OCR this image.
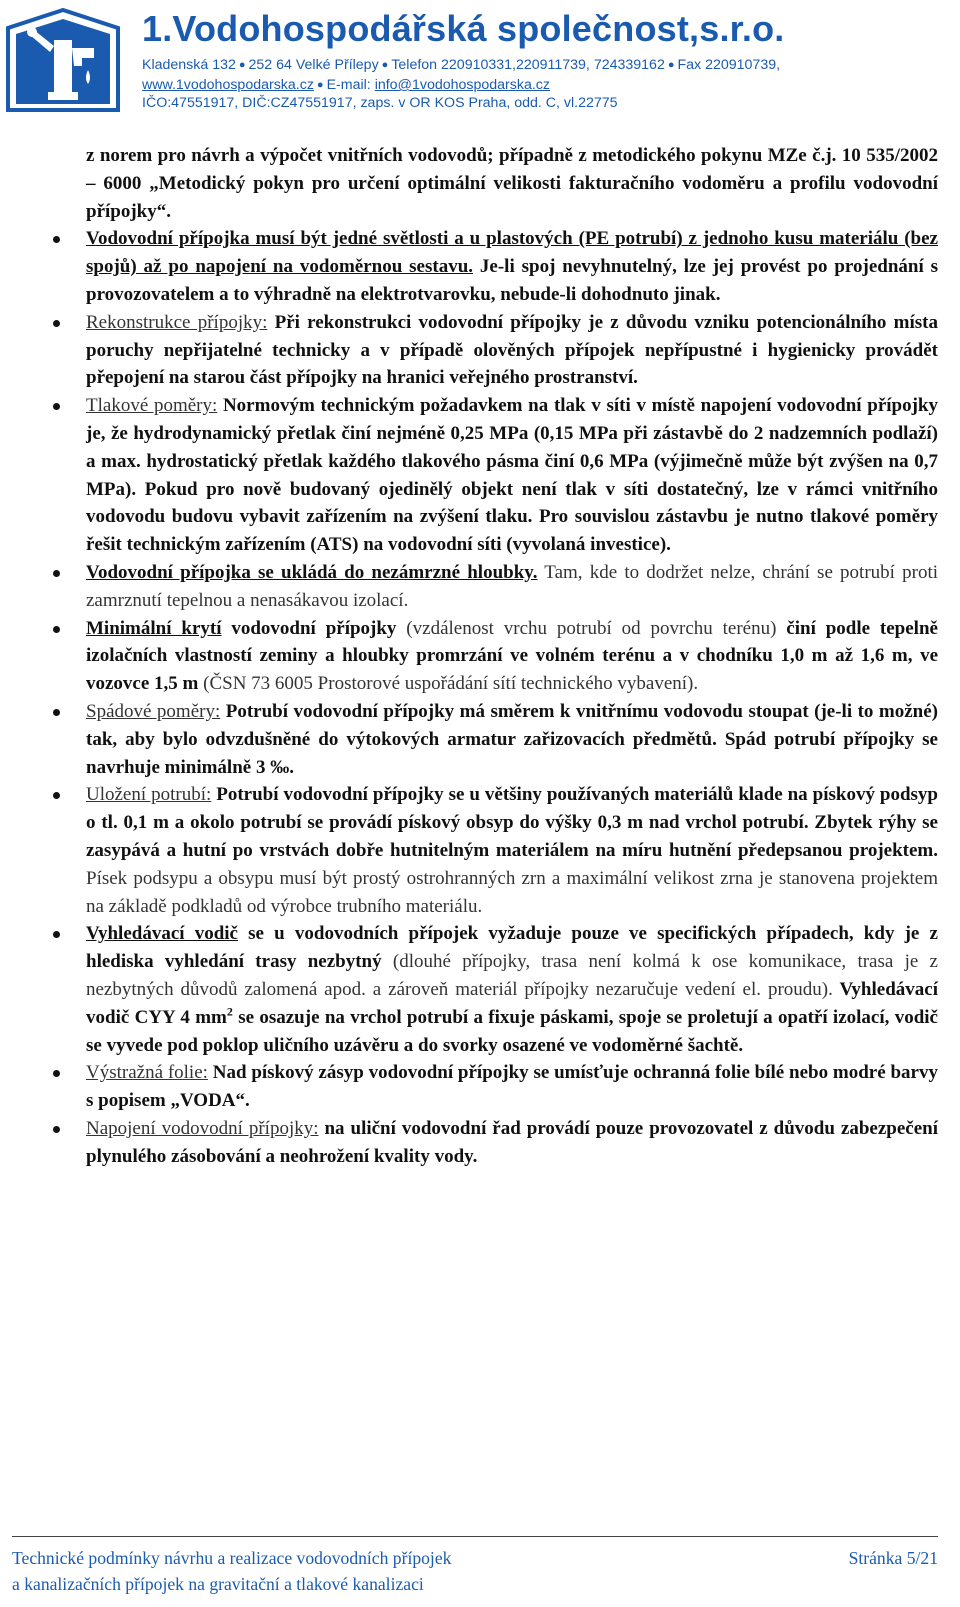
1.Vodohospodářská společnost,s.r.o.
Kladenská 132 ● 252 64 Velké Přílepy ● Telefon 220910331,220911739, 724339162 ● Fax 220910739,
www.1vodohospodarska.cz ● E-mail: info@1vodohospodarska.cz
IČO:47551917, DIČ:CZ47551917, zaps. v OR KOS Praha, odd. C, vl.22775

z norem pro návrh a výpočet vnitřních vodovodů; případně z metodického pokynu MZe č.j. 10 535/2002 – 6000 „Metodický pokyn pro určení optimální velikosti fakturačního vodoměru a profilu vodovodní přípojky“.

Vodovodní přípojka musí být jedné světlosti a u plastových (PE potrubí) z jednoho kusu materiálu (bez spojů) až po napojení na vodoměrnou sestavu. Je-li spoj nevyhnutelný, lze jej provést po projednání s provozovatelem a to výhradně na elektrotvarovku, nebude-li dohodnuto jinak.
Rekonstrukce přípojky: Při rekonstrukci vodovodní přípojky je z důvodu vzniku potencionálního místa poruchy nepřijatelné technicky a v případě olověných přípojek nepřípustné i hygienicky provádět přepojení na starou část přípojky na hranici veřejného prostranství.
Tlakové poměry: Normovým technickým požadavkem na tlak v síti v místě napojení vodovodní přípojky je, že hydrodynamický přetlak činí nejméně 0,25 MPa (0,15 MPa při zástavbě do 2 nadzemních podlaží) a max. hydrostatický přetlak každého tlakového pásma činí 0,6 MPa (výjimečně může být zvýšen na 0,7 MPa). Pokud pro nově budovaný ojedinělý objekt není tlak v síti dostatečný, lze v rámci vnitřního vodovodu budovu vybavit zařízením na zvýšení tlaku. Pro souvislou zástavbu je nutno tlakové poměry řešit technickým zařízením (ATS) na vodovodní síti (vyvolaná investice).
Vodovodní přípojka se ukládá do nezámrzné hloubky. Tam, kde to dodržet nelze, chrání se potrubí proti zamrznutí tepelnou a nenasákavou izolací.
Minimální krytí vodovodní přípojky (vzdálenost vrchu potrubí od povrchu terénu) činí podle tepelně izolačních vlastností zeminy a hloubky promrzání ve volném terénu a v chodníku 1,0 m až 1,6 m, ve vozovce 1,5 m (ČSN 73 6005 Prostorové uspořádání sítí technického vybavení).
Spádové poměry: Potrubí vodovodní přípojky má směrem k vnitřnímu vodovodu stoupat (je-li to možné) tak, aby bylo odvzdušněné do výtokových armatur zařizovacích předmětů. Spád potrubí přípojky se navrhuje minimálně 3 ‰.
Uložení potrubí: Potrubí vodovodní přípojky se u většiny používaných materiálů klade na pískový podsyp o tl. 0,1 m a okolo potrubí se provádí pískový obsyp do výšky 0,3 m nad vrchol potrubí. Zbytek rýhy se zasypává a hutní po vrstvách dobře hutnitelným materiálem na míru hutnění předepsanou projektem. Písek podsypu a obsypu musí být prostý ostrohranných zrn a maximální velikost zrna je stanovena projektem na základě podkladů od výrobce trubního materiálu.
Vyhledávací vodič se u vodovodních přípojek vyžaduje pouze ve specifických případech, kdy je z hlediska vyhledání trasy nezbytný (dlouhé přípojky, trasa není kolmá k ose komunikace, trasa je z nezbytných důvodů zalomená apod. a zároveň materiál přípojky nezaručuje vedení el. proudu). Vyhledávací vodič CYY 4 $mm^2$ se osazuje na vrchol potrubí a fixuje páskami, spoje se proletují a opatří izolací, vodič se vyvede pod poklop uličního uzávěru a do svorky osazené ve vodoměrné šachtě.
Výstražná folie: Nad pískový zásyp vodovodní přípojky se umísťuje ochranná folie bílé nebo modré barvy s popisem „VODA“.
Napojení vodovodní přípojky: na uliční vodovodní řad provádí pouze provozovatel z důvodu zabezpečení plynulého zásobování a neohrožení kvality vody.
Technické podmínky návrhu a realizace vodovodních přípojek
a kanalizačních přípojek na gravitační a tlakové kanalizaci
Stránka 5/21
